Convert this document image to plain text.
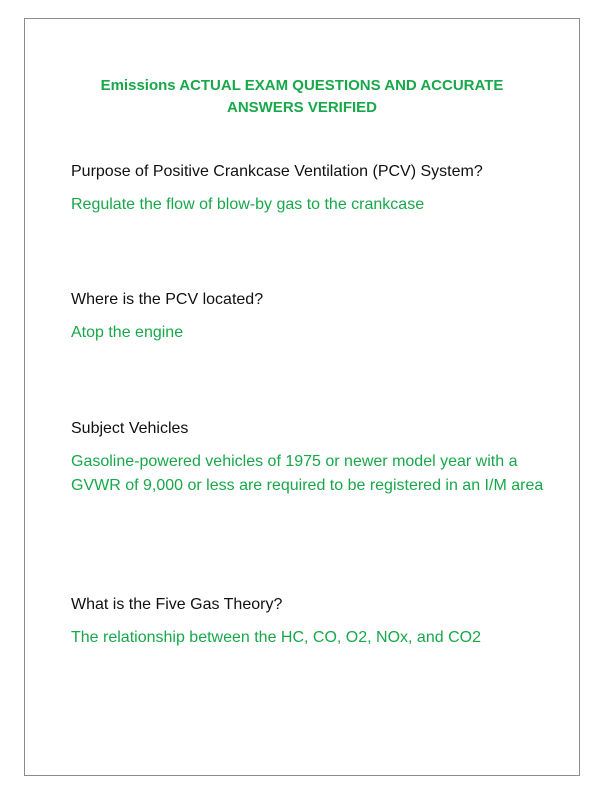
Emissions ACTUAL EXAM QUESTIONS AND ACCURATE
ANSWERS VERIFIED

Purpose of Positive Crankcase Ventilation (PCV) System?

Regulate the flow of blow-by gas to the crankcase

Where is the PCV located?

Atop the engine

Subject Vehicles

Gasoline-powered vehicles of 1975 or newer model year with a GVWR of 9,000 or less are required to be registered in an I/M area

What is the Five Gas Theory?

The relationship between the HC, CO, O2, NOx, and CO2
